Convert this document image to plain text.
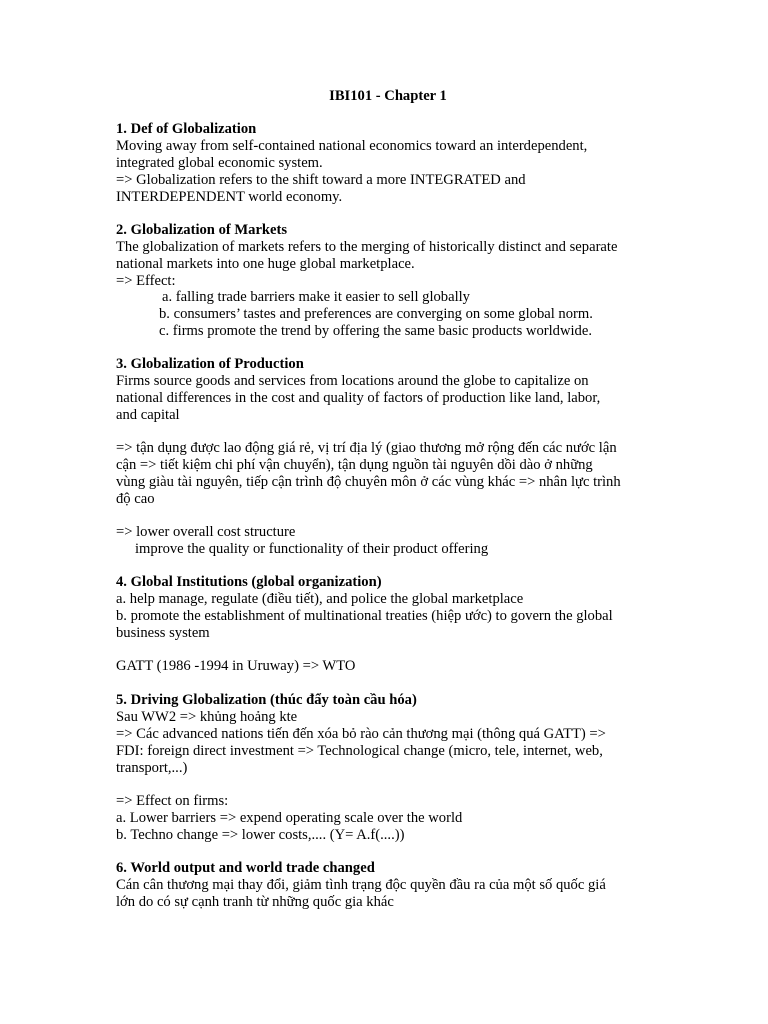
IBI101 - Chapter 1
1. Def of Globalization
Moving away from self-contained national economics toward an interdependent,
integrated global economic system.
=> Globalization refers to the shift toward a more INTEGRATED and
INTERDEPENDENT world economy.
2. Globalization of Markets
The globalization of markets refers to the merging of historically distinct and separate
national markets into one huge global marketplace.
=> Effect:
a. falling trade barriers make it easier to sell globally
b. consumers’ tastes and preferences are converging on some global norm.
c. firms promote the trend by offering the same basic products worldwide.
3. Globalization of Production
Firms source goods and services from locations around the globe to capitalize on
national differences in the cost and quality of factors of production like land, labor,
and capital
=> tận dụng được lao động giá rẻ, vị trí địa lý (giao thương mở rộng đến các nước lận
cận => tiết kiệm chi phí vận chuyển), tận dụng nguồn tài nguyên dồi dào ở những
vùng giàu tài nguyên, tiếp cận trình độ chuyên môn ở các vùng khác => nhân lực trình
độ cao
=> lower overall cost structure
improve the quality or functionality of their product offering
4. Global Institutions (global organization)
a. help manage, regulate (điều tiết), and police the global marketplace
b. promote the establishment of multinational treaties (hiệp ước) to govern the global
business system
GATT (1986 -1994 in Uruway) => WTO
5. Driving Globalization (thúc đẩy toàn cầu hóa)
Sau WW2 => khủng hoảng kte
=> Các advanced nations tiến đến xóa bỏ rào cản thương mại (thông quá GATT) =>
FDI: foreign direct investment => Technological change (micro, tele, internet, web,
transport,...)
=> Effect on firms:
a. Lower barriers => expend operating scale over the world
b. Techno change => lower costs,.... (Y= A.f(....))
6. World output and world trade changed
Cán cân thương mại thay đổi, giảm tình trạng độc quyền đầu ra của một số quốc giá
lớn do có sự cạnh tranh từ những quốc gia khác
